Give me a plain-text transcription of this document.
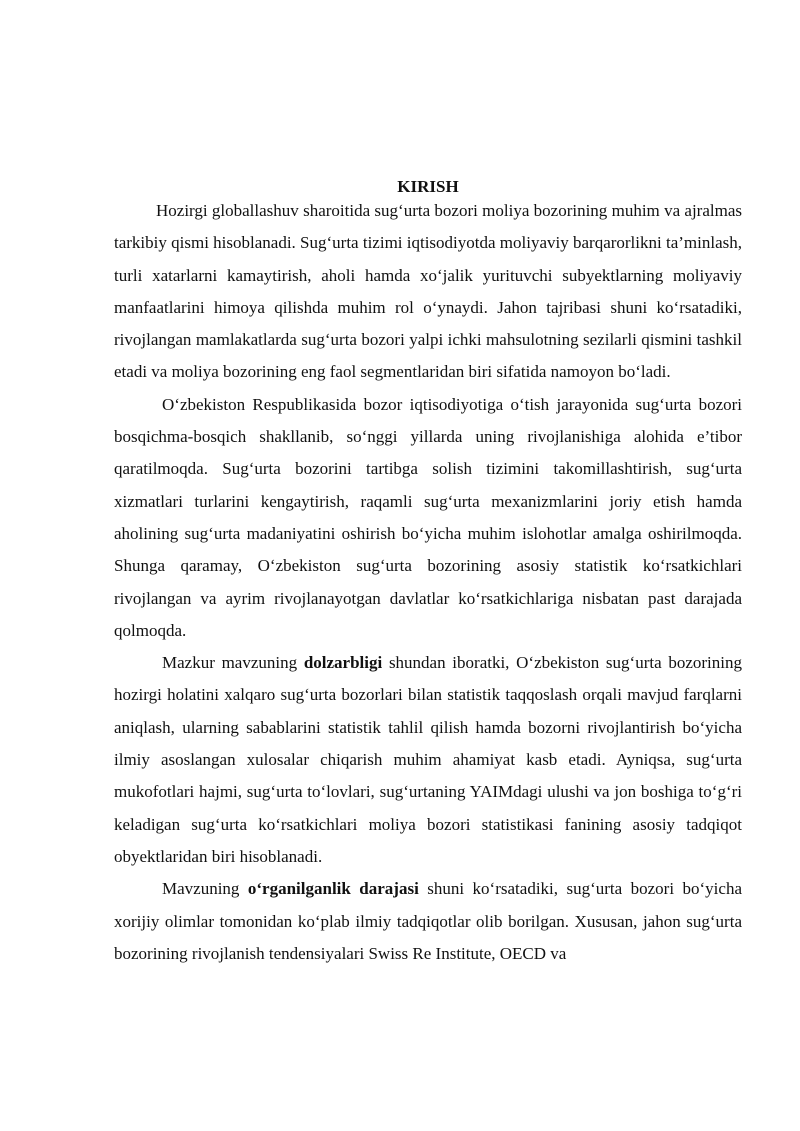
KIRISH

Hozirgi globallashuv sharoitida sug‘urta bozori moliya bozorining muhim va ajralmas tarkibiy qismi hisoblanadi. Sug‘urta tizimi iqtisodiyotda moliyaviy barqarorlikni ta’minlash, turli xatarlarni kamaytirish, aholi hamda xo‘jalik yurituvchi subyektlarning moliyaviy manfaatlarini himoya qilishda muhim rol o‘ynaydi. Jahon tajribasi shuni ko‘rsatadiki, rivojlangan mamlakatlarda sug‘urta bozori yalpi ichki mahsulotning sezilarli qismini tashkil etadi va moliya bozorining eng faol segmentlaridan biri sifatida namoyon bo‘ladi.

O‘zbekiston Respublikasida bozor iqtisodiyotiga o‘tish jarayonida sug‘urta bozori bosqichma-bosqich shakllanib, so‘nggi yillarda uning rivojlanishiga alohida e’tibor qaratilmoqda. Sug‘urta bozorini tartibga solish tizimini takomillashtirish, sug‘urta xizmatlari turlarini kengaytirish, raqamli sug‘urta mexanizmlarini joriy etish hamda aholining sug‘urta madaniyatini oshirish bo‘yicha muhim islohotlar amalga oshirilmoqda. Shunga qaramay, O‘zbekiston sug‘urta bozorining asosiy statistik ko‘rsatkichlari rivojlangan va ayrim rivojlanayotgan davlatlar ko‘rsatkichlariga nisbatan past darajada qolmoqda.

Mazkur mavzuning dolzarbligi shundan iboratki, O‘zbekiston sug‘urta bozorining hozirgi holatini xalqaro sug‘urta bozorlari bilan statistik taqqoslash orqali mavjud farqlarni aniqlash, ularning sabablarini statistik tahlil qilish hamda bozorni rivojlantirish bo‘yicha ilmiy asoslangan xulosalar chiqarish muhim ahamiyat kasb etadi. Ayniqsa, sug‘urta mukofotlari hajmi, sug‘urta to‘lovlari, sug‘urtaning YAIMdagi ulushi va jon boshiga to‘g‘ri keladigan sug‘urta ko‘rsatkichlari moliya bozori statistikasi fanining asosiy tadqiqot obyektlaridan biri hisoblanadi.

Mavzuning o‘rganilganlik darajasi shuni ko‘rsatadiki, sug‘urta bozori bo‘yicha xorijiy olimlar tomonidan ko‘plab ilmiy tadqiqotlar olib borilgan. Xususan, jahon sug‘urta bozorining rivojlanish tendensiyalari Swiss Re Institute, OECD va
